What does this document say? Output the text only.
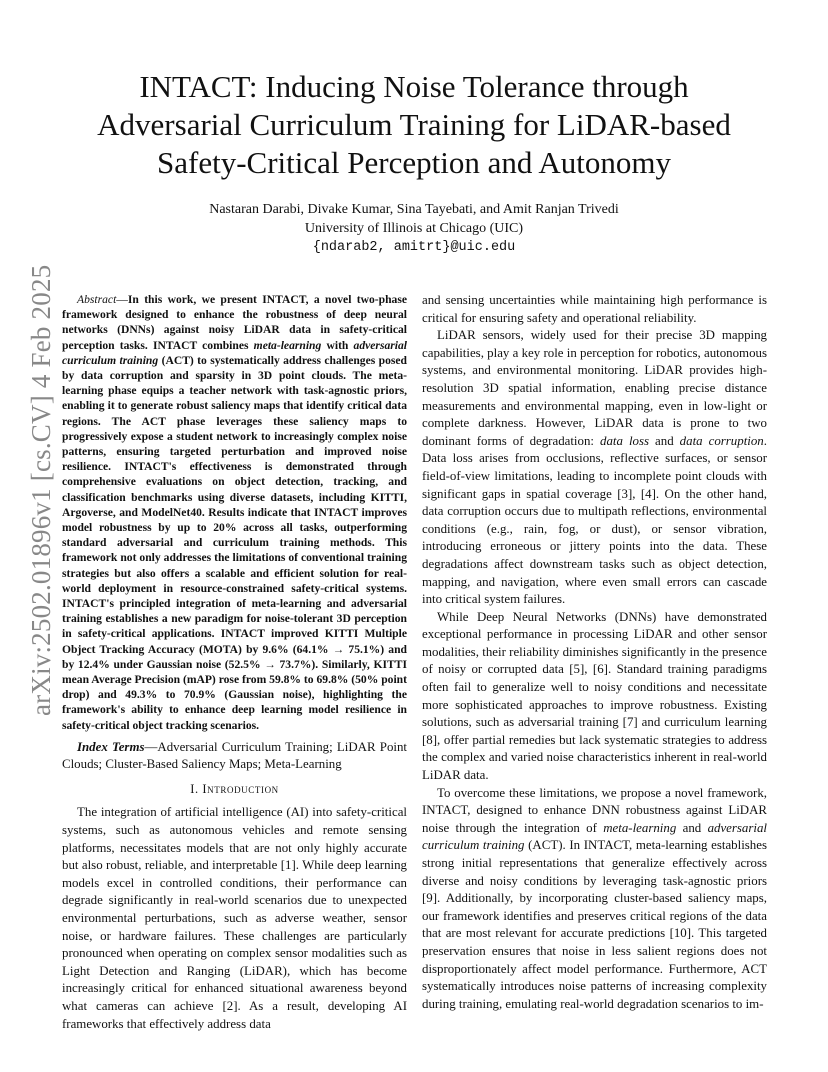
arXiv:2502.01896v1 [cs.CV] 4 Feb 2025
INTACT: Inducing Noise Tolerance through
Adversarial Curriculum Training for LiDAR-based
Safety-Critical Perception and Autonomy
Nastaran Darabi, Divake Kumar, Sina Tayebati, and Amit Ranjan Trivedi
University of Illinois at Chicago (UIC)
{ndarab2, amitrt}@uic.edu

Abstract—In this work, we present INTACT, a novel two-phase framework designed to enhance the robustness of deep neural networks (DNNs) against noisy LiDAR data in safety-critical perception tasks. INTACT combines meta-learning with adversarial curriculum training (ACT) to systematically address challenges posed by data corruption and sparsity in 3D point clouds. The meta-learning phase equips a teacher network with task-agnostic priors, enabling it to generate robust saliency maps that identify critical data regions. The ACT phase leverages these saliency maps to progressively expose a student network to increasingly complex noise patterns, ensuring targeted perturbation and improved noise resilience. INTACT's effectiveness is demonstrated through comprehensive evaluations on object detection, tracking, and classification benchmarks using diverse datasets, including KITTI, Argoverse, and ModelNet40. Results indicate that INTACT improves model robustness by up to 20% across all tasks, outperforming standard adversarial and curriculum training methods. This framework not only addresses the limitations of conventional training strategies but also offers a scalable and efficient solution for real-world deployment in resource-constrained safety-critical systems. INTACT's principled integration of meta-learning and adversarial training establishes a new paradigm for noise-tolerant 3D perception in safety-critical applications. INTACT improved KITTI Multiple Object Tracking Accuracy (MOTA) by 9.6% (64.1% → 75.1%) and by 12.4% under Gaussian noise (52.5% → 73.7%). Similarly, KITTI mean Average Precision (mAP) rose from 59.8% to 69.8% (50% point drop) and 49.3% to 70.9% (Gaussian noise), highlighting the framework's ability to enhance deep learning model resilience in safety-critical object tracking scenarios.

Index Terms—Adversarial Curriculum Training; LiDAR Point Clouds; Cluster-Based Saliency Maps; Meta-Learning

I. Introduction

The integration of artificial intelligence (AI) into safety-critical systems, such as autonomous vehicles and remote sensing platforms, necessitates models that are not only highly accurate but also robust, reliable, and interpretable [1]. While deep learning models excel in controlled conditions, their performance can degrade significantly in real-world scenarios due to unexpected environmental perturbations, such as adverse weather, sensor noise, or hardware failures. These challenges are particularly pronounced when operating on complex sensor modalities such as Light Detection and Ranging (LiDAR), which has become increasingly critical for enhanced situational awareness beyond what cameras can achieve [2]. As a result, developing AI frameworks that effectively address data

and sensing uncertainties while maintaining high performance is critical for ensuring safety and operational reliability.

LiDAR sensors, widely used for their precise 3D mapping capabilities, play a key role in perception for robotics, autonomous systems, and environmental monitoring. LiDAR provides high-resolution 3D spatial information, enabling precise distance measurements and environmental mapping, even in low-light or complete darkness. However, LiDAR data is prone to two dominant forms of degradation: data loss and data corruption. Data loss arises from occlusions, reflective surfaces, or sensor field-of-view limitations, leading to incomplete point clouds with significant gaps in spatial coverage [3], [4]. On the other hand, data corruption occurs due to multipath reflections, environmental conditions (e.g., rain, fog, or dust), or sensor vibration, introducing erroneous or jittery points into the data. These degradations affect downstream tasks such as object detection, mapping, and navigation, where even small errors can cascade into critical system failures.

While Deep Neural Networks (DNNs) have demonstrated exceptional performance in processing LiDAR and other sensor modalities, their reliability diminishes significantly in the presence of noisy or corrupted data [5], [6]. Standard training paradigms often fail to generalize well to noisy conditions and necessitate more sophisticated approaches to improve robustness. Existing solutions, such as adversarial training [7] and curriculum learning [8], offer partial remedies but lack systematic strategies to address the complex and varied noise characteristics inherent in real-world LiDAR data.

To overcome these limitations, we propose a novel framework, INTACT, designed to enhance DNN robustness against LiDAR noise through the integration of meta-learning and adversarial curriculum training (ACT). In INTACT, meta-learning establishes strong initial representations that generalize effectively across diverse and noisy conditions by leveraging task-agnostic priors [9]. Additionally, by incorporating cluster-based saliency maps, our framework identifies and preserves critical regions of the data that are most relevant for accurate predictions [10]. This targeted preservation ensures that noise in less salient regions does not disproportionately affect model performance. Furthermore, ACT systematically introduces noise patterns of increasing complexity during training, emulating real-world degradation scenarios to im-
